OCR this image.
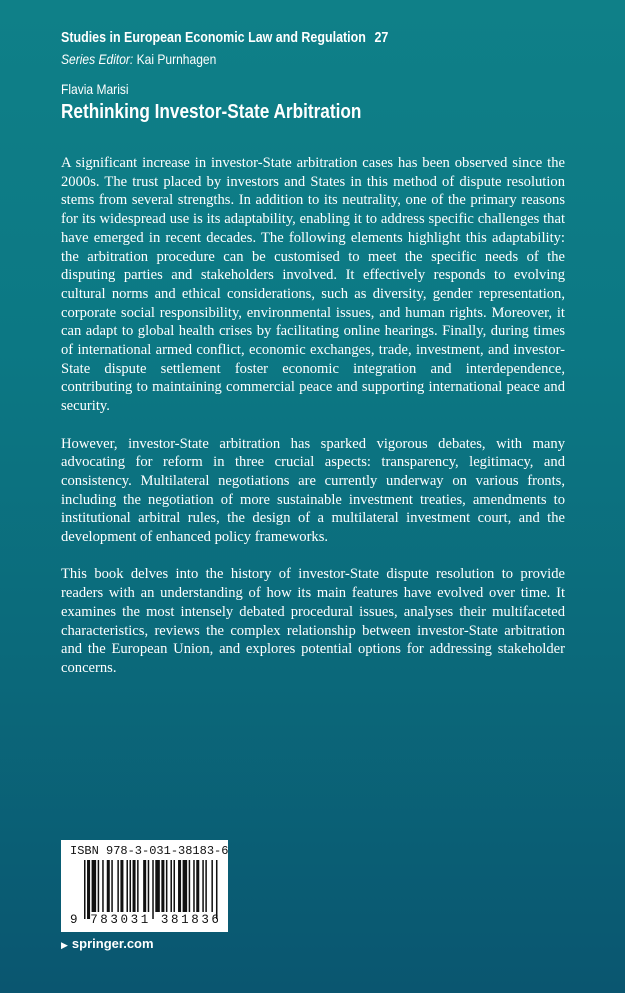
Studies in European Economic Law and Regulation 27
Series Editor: Kai Purnhagen
Flavia Marisi
Rethinking Investor-State Arbitration

A significant increase in investor-State arbitration cases has been observed since the 2000s. The trust placed by investors and States in this method of dispute resolution stems from several strengths. In addition to its neutrality, one of the primary reasons for its widespread use is its adaptability, enabling it to address specific challenges that have emerged in recent decades. The following elements highlight this adaptability: the arbitration procedure can be customised to meet the specific needs of the disputing parties and stakeholders involved. It effectively responds to evolving cultural norms and ethical considerations, such as diversity, gender representation, corporate social responsibility, environmental issues, and human rights. Moreover, it can adapt to global health crises by facilitating online hearings. Finally, during times of international armed conflict, economic exchanges, trade, investment, and investor-State dispute settlement foster economic integration and interdependence, contributing to maintaining commercial peace and supporting international peace and security.

However, investor-State arbitration has sparked vigorous debates, with many advocating for reform in three crucial aspects: transparency, legitimacy, and consistency. Multilateral negotiations are currently underway on various fronts, including the negotiation of more sustainable investment treaties, amendments to institutional arbitral rules, the design of a multilateral investment court, and the development of enhanced policy frameworks.

This book delves into the history of investor-State dispute resolution to provide readers with an understanding of how its main features have evolved over time. It examines the most intensely debated procedural issues, analyses their multifaceted characteristics, reviews the complex relationship between investor-State arbitration and the European Union, and explores potential options for addressing stakeholder concerns.

ISBN 978-3-031-38183-6
9 783031 381836
▶ springer.com
